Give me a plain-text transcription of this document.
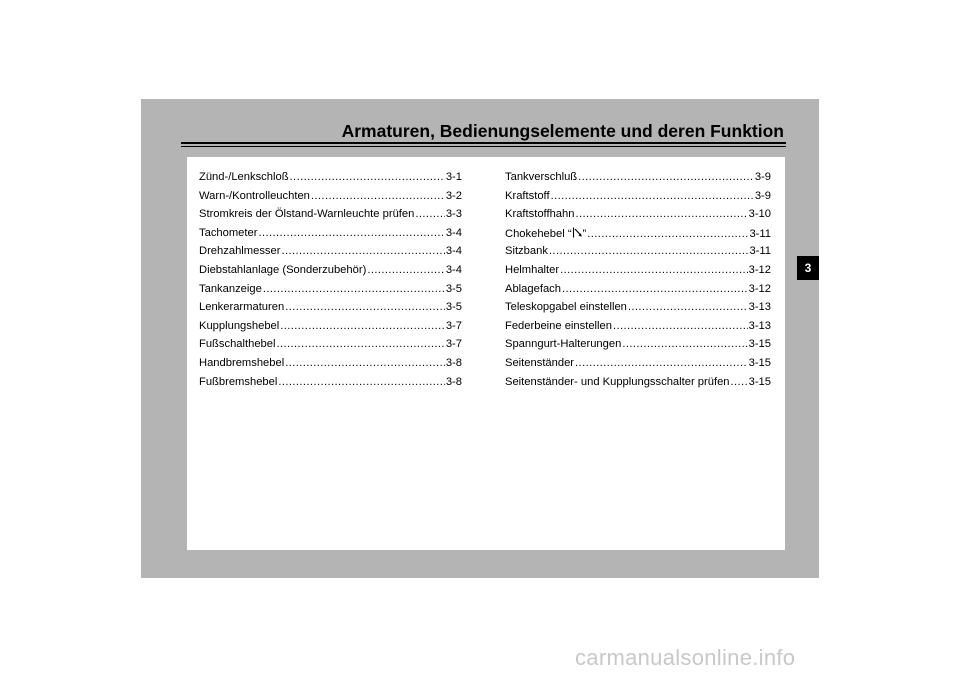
Armaturen, Bedienungselemente und deren Funktion
Zünd-/Lenkschloß .....	3-1
Warn-/Kontrolleuchten .....	3-2
Stromkreis der Ölstand-Warnleuchte prüfen .....	3-3
Tachometer .....	3-4
Drehzahlmesser .....	3-4
Diebstahlanlage (Sonderzubehör) .....	3-4
Tankanzeige .....	3-5
Lenkerarmaturen .....	3-5
Kupplungshebel .....	3-7
Fußschalthebel .....	3-7
Handbremshebel .....	3-8
Fußbremshebel .....	3-8
Tankverschluß .....	3-9
Kraftstoff .....	3-9
Kraftstoffhahn .....	3-10
Chokehebel “ ” .....	3-11
Sitzbank .....	3-11
Helmhalter .....	3-12
Ablagefach .....	3-12
Teleskopgabel einstellen .....	3-13
Federbeine einstellen .....	3-13
Spanngurt-Halterungen .....	3-15
Seitenständer .....	3-15
Seitenständer- und Kupplungsschalter prüfen ..... 3-15
3
carmanualsonline.info
